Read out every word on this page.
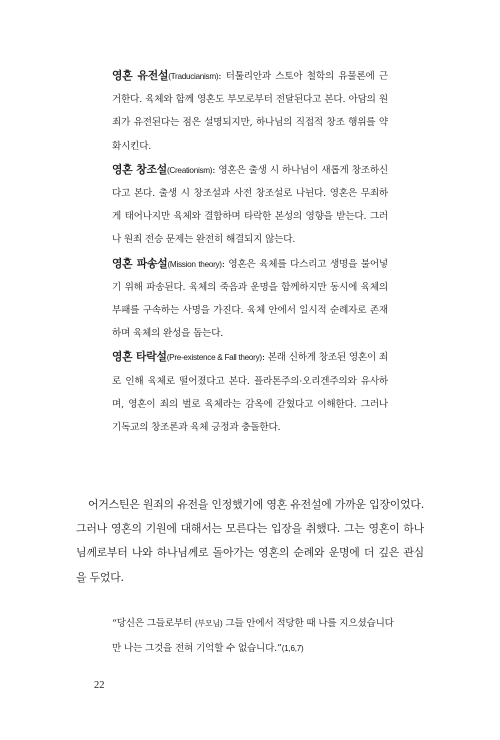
영혼 유전설(Traducianism): 터툴리안과 스토아 철학의 유물론에 근거한다. 육체와 함께 영혼도 부모로부터 전달된다고 본다. 아담의 원죄가 유전된다는 점은 설명되지만, 하나님의 직접적 창조 행위를 약화시킨다.

영혼 창조설(Creationism): 영혼은 출생 시 하나님이 새롭게 창조하신다고 본다. 출생 시 창조설과 사전 창조설로 나뉜다. 영혼은 무죄하게 태어나지만 육체와 결합하며 타락한 본성의 영향을 받는다. 그러나 원죄 전승 문제는 완전히 해결되지 않는다.

영혼 파송설(Mission theory): 영혼은 육체를 다스리고 생명을 불어넣기 위해 파송된다. 육체의 죽음과 운명을 함께하지만 동시에 육체의 부패를 구속하는 사명을 가진다. 육체 안에서 일시적 순례자로 존재하며 육체의 완성을 돕는다.

영혼 타락설(Pre-existence & Fall theory): 본래 신하게 창조된 영혼이 죄로 인해 육체로 떨어졌다고 본다. 플라톤주의·오리겐주의와 유사하며, 영혼이 죄의 벌로 육체라는 감옥에 갇혔다고 이해한다. 그러나 기독교의 창조론과 육체 긍정과 충돌한다.

어거스틴은 원죄의 유전을 인정했기에 영혼 유전설에 가까운 입장이었다. 그러나 영혼의 기원에 대해서는 모른다는 입장을 취했다. 그는 영혼이 하나님께로부터 나와 하나님께로 돌아가는 영혼의 순례와 운명에 더 깊은 관심을 두었다.

“당신은 그들로부터 (부모님) 그들 안에서 적당한 때 나를 지으셨습니다만 나는 그것을 전혀 기억할 수 없습니다.”(1,6,7)

22
